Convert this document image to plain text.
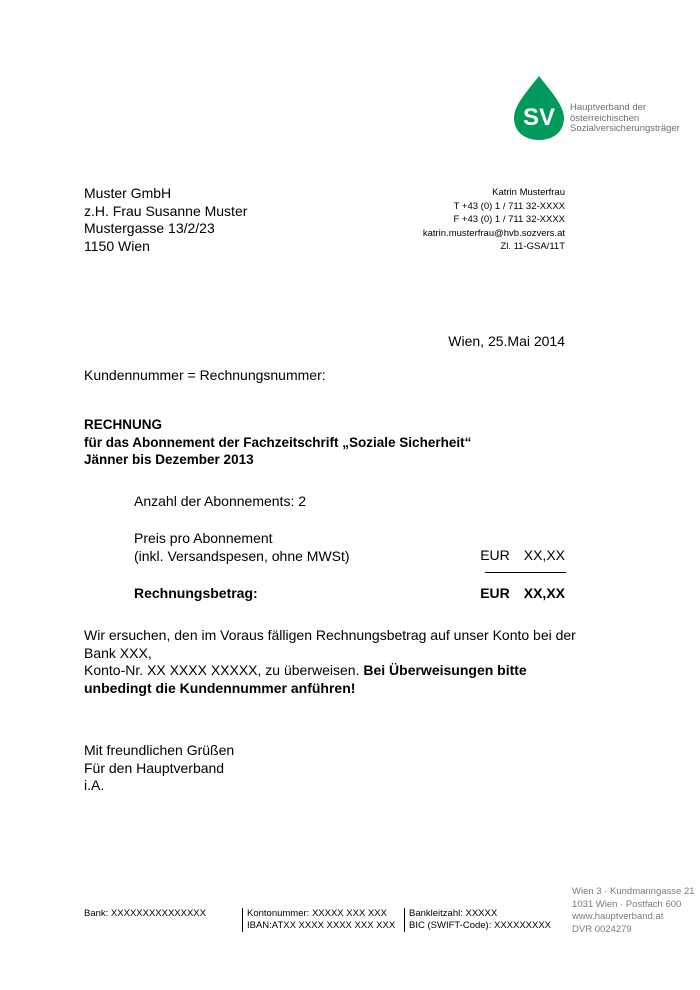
SV Hauptverband der
österreichischen
Sozialversicherungsträger
Muster GmbH
z.H. Frau Susanne Muster
Mustergasse 13/2/23
1150 Wien
Katrin Musterfrau
T +43 (0) 1 / 711 32-XXXX
F +43 (0) 1 / 711 32-XXXX
katrin.musterfrau@hvb.sozvers.at
Zl. 11-GSA/11T
Wien, 25.Mai 2014
Kundennummer = Rechnungsnummer:
RECHNUNG
für das Abonnement der Fachzeitschrift „Soziale Sicherheit“
Jänner bis Dezember 2013
Anzahl der Abonnements: 2
Preis pro Abonnement
(inkl. Versandspesen, ohne MWSt)	EUR XX,XX
Rechnungsbetrag:	EUR XX,XX
Wir ersuchen, den im Voraus fälligen Rechnungsbetrag auf unser Konto bei der Bank XXX,
Konto-Nr. XX XXXX XXXXX, zu überweisen. Bei Überweisungen bitte unbedingt die Kundennummer anführen!
Mit freundlichen Grüßen
Für den Hauptverband
i.A.
Wien 3 · Kundmanngasse 21
1031 Wien · Postfach 600
www.hauptverband.at
DVR 0024279
Bank: XXXXXXXXXXXXXXX	Kontonummer: XXXXX XXX XXX
IBAN:ATXX XXXX XXXX XXX XXX
Bankleitzahl: XXXXX
BIC (SWIFT-Code): XXXXXXXXX
